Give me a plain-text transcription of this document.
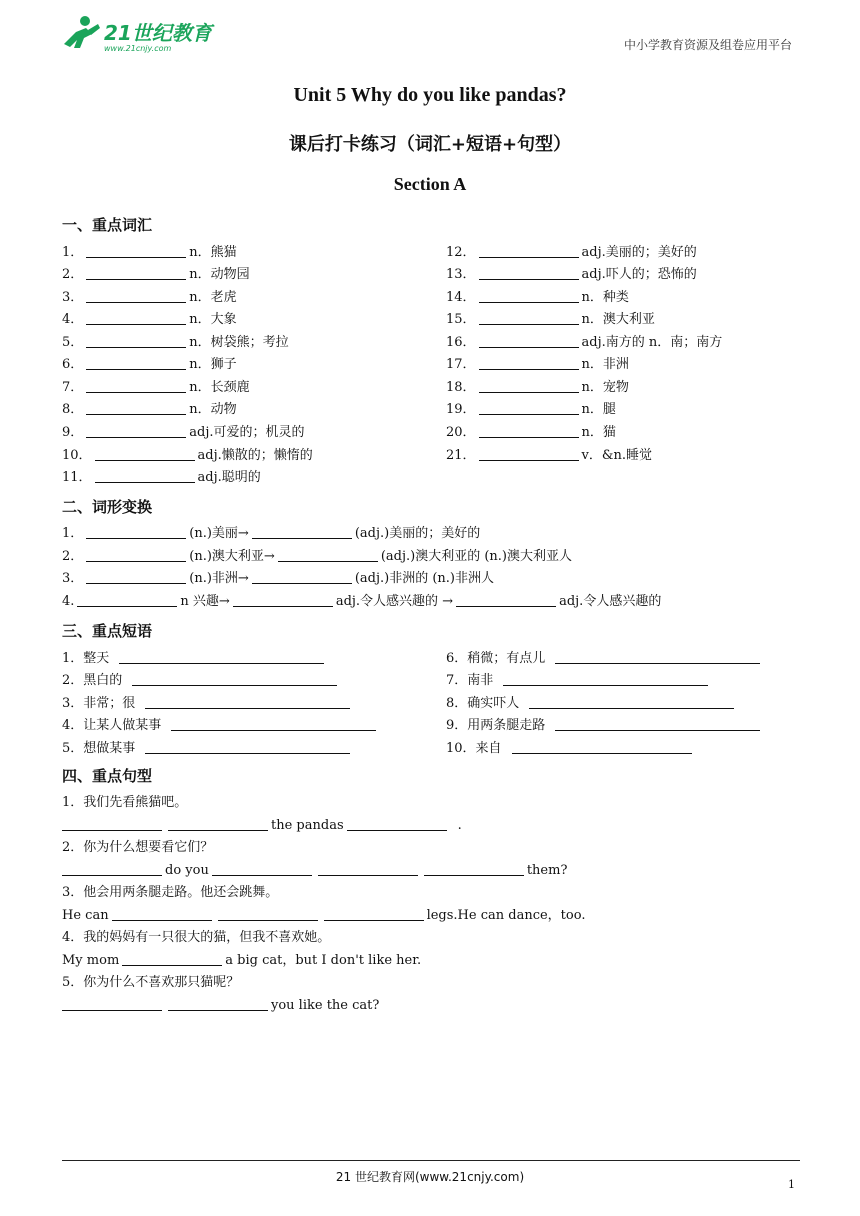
21世纪教育
www.21cnjy.com	中小学教育资源及组卷应用平台
Unit 5 Why do you like pandas?
课后打卡练习（词汇+短语+句型）
Section A
一、重点词汇
1．	n．熊猫
2．	n．动物园
3．	n．老虎
4．	n．大象
5．	n．树袋熊；考拉
6．	n．狮子
7．	n．长颈鹿
8．	n．动物
9．	adj.可爱的；机灵的
10．	adj.懒散的；懒惰的
11．	adj.聪明的
12．	adj.美丽的；美好的
13．	adj.吓人的；恐怖的
14．	n．种类
15．	n．澳大利亚
16．	adj.南方的 n．南；南方
17．	n．非洲
18．	n．宠物
19．	n．腿
20．	n．猫
21．	v．&n.睡觉
二、词形变换
1．	(n.)美丽→	(adj.)美丽的；美好的
2．	(n.)澳大利亚→	(adj.)澳大利亚的 (n.)澳大利亚人
3．	(n.)非洲→	(adj.)非洲的 (n.)非洲人
4.	n 兴趣→	adj.令人感兴趣的 →	adj.令人感兴趣的
三、重点短语
1．整天
2．黑白的
3．非常；很
4．让某人做某事
5．想做某事
6．稍微；有点儿
7．南非
8．确实吓人
9．用两条腿走路
10．来自
四、重点句型
1．我们先看熊猫吧。
the pandas	.
2．你为什么想要看它们？
do you	them?
3．他会用两条腿走路。他还会跳舞。
He can	legs.He can dance，too.
4．我的妈妈有一只很大的猫，但我不喜欢她。
My mom	a big cat，but I don't like her.
5．你为什么不喜欢那只猫呢？
you like the cat?
21 世纪教育网(www.21cnjy.com)
1
